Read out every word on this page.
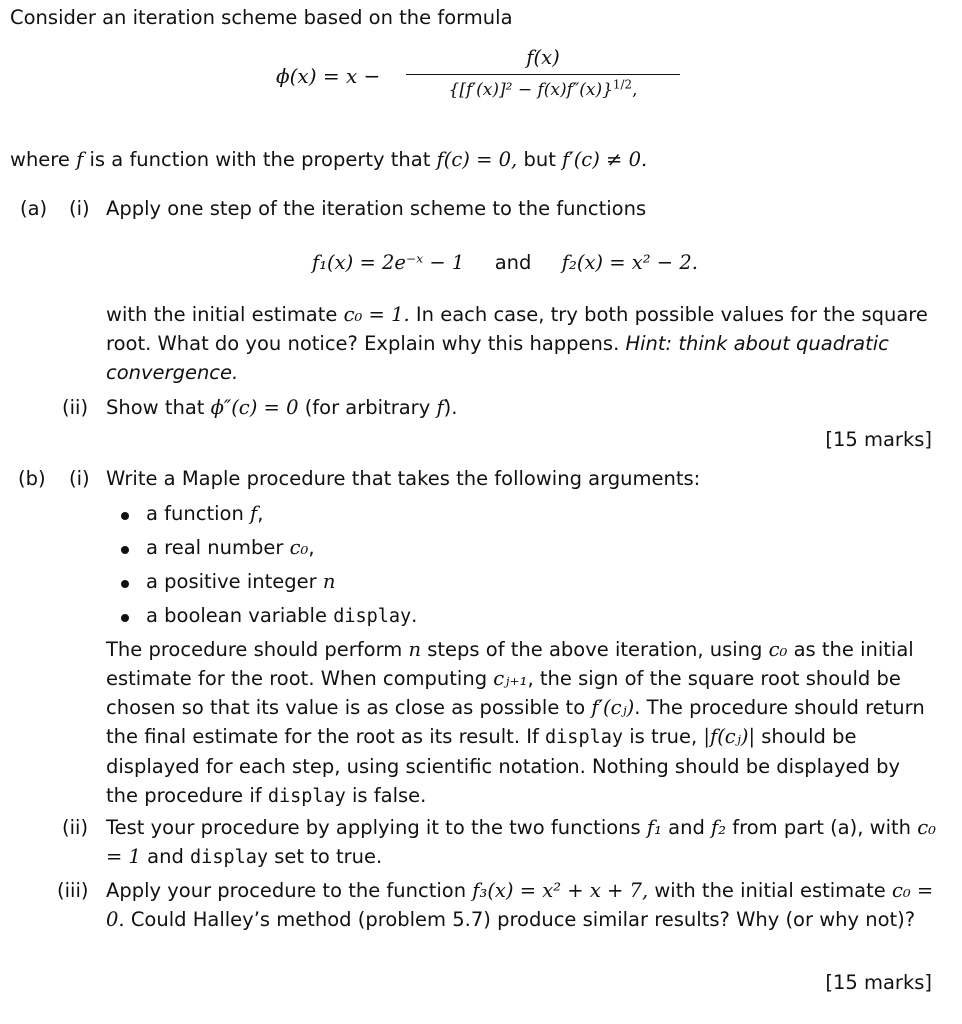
Consider an iteration scheme based on the formula
ϕ(x) = x −
f(x)
$\{[f'(x)]^2 - f(x)f''(x)\}^{1/2}$,
where f is a function with the property that f(c) = 0, but f′(c) ≠ 0.
(a) (i) Apply one step of the iteration scheme to the functions
f₁(x) = 2e⁻ˣ − 1 and f₂(x) = x² − 2.
with the initial estimate c₀ = 1. In each case, try both possible values for the square root. What do you notice? Explain why this happens. Hint: think about quadratic convergence.
(ii) Show that ϕ″(c) = 0 (for arbitrary f).
[15 marks]
(b) (i) Write a Maple procedure that takes the following arguments:
a function f,
a real number c₀,
a positive integer n
a boolean variable display.
The procedure should perform n steps of the above iteration, using c₀ as the initial estimate for the root. When computing cⱼ₊₁, the sign of the square root should be chosen so that its value is as close as possible to f′(cⱼ). The procedure should return the final estimate for the root as its result. If display is true, |f(cⱼ)| should be displayed for each step, using scientific notation. Nothing should be displayed by the procedure if display is false.
(ii) Test your procedure by applying it to the two functions f₁ and f₂ from part (a), with c₀ = 1 and display set to true.
(iii) Apply your procedure to the function f₃(x) = x² + x + 7, with the initial estimate c₀ = 0. Could Halley’s method (problem 5.7) produce similar results? Why (or why not)?
[15 marks]
